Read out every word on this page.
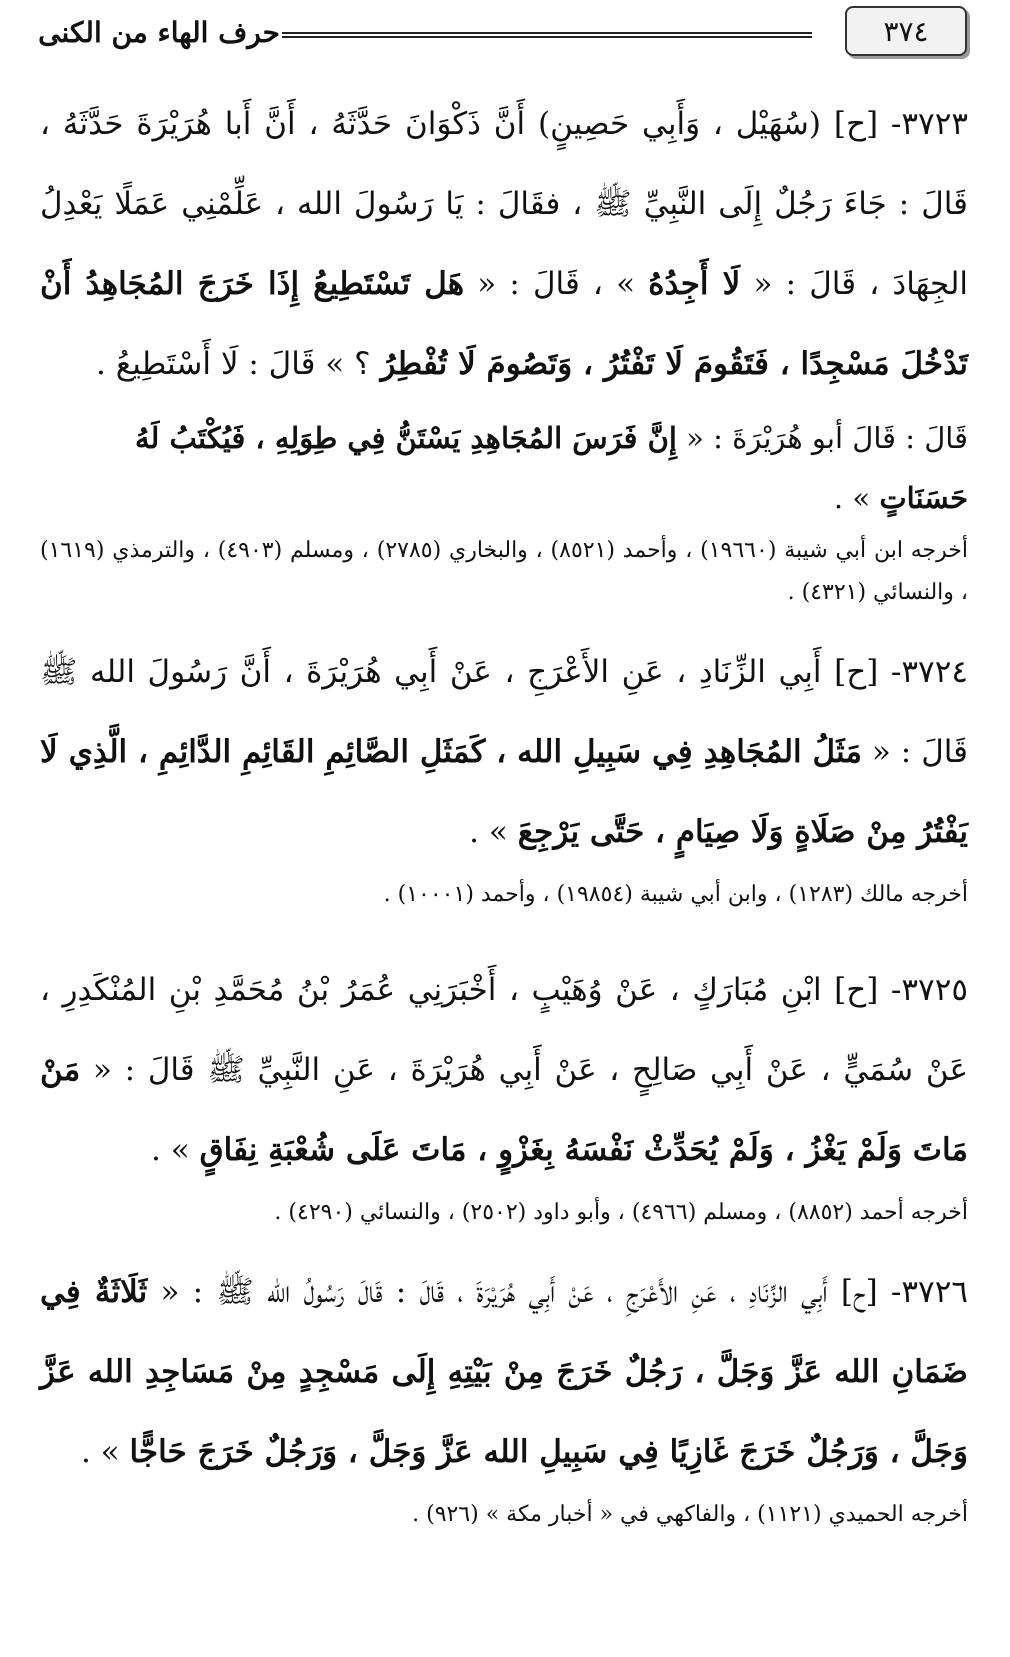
٣٧٤
حرف الهاء من الكنى

٣٧٢٣- [ح] (سُهَيْل ، وَأَبِي حَصِينٍ) أَنَّ ذَكْوَانَ حَدَّثَهُ ، أَنَّ أَبا هُرَيْرَةَ حَدَّثَهُ ، قَالَ : جَاءَ رَجُلٌ إِلَى النَّبِيِّ ﷺ ، فقَالَ : يَا رَسُولَ الله ، عَلِّمْنِي عَمَلًا يَعْدِلُ الجِهَادَ ، قَالَ : « لَا أَجِدُهُ » ، قَالَ : « هَل تَسْتَطِيعُ إِذَا خَرَجَ المُجَاهِدُ أَنْ تَدْخُلَ مَسْجِدًا ، فَتَقُومَ لَا تَفْتُرُ ، وَتَصُومَ لَا تُفْطِرُ ؟ » قَالَ : لَا أَسْتَطِيعُ .

قَالَ : قَالَ أبو هُرَيْرَةَ : « إِنَّ فَرَسَ المُجَاهِدِ يَسْتَنُّ فِي طِوَلِهِ ، فَيُكْتَبُ لَهُ حَسَنَاتٍ » .

أخرجه ابن أبي شيبة (١٩٦٦٠) ، وأحمد (٨٥٢١) ، والبخاري (٢٧٨٥) ، ومسلم (٤٩٠٣) ، والترمذي (١٦١٩) ، والنسائي (٤٣٢١) .

٣٧٢٤- [ح] أَبِي الزِّنَادِ ، عَنِ الأَعْرَجِ ، عَنْ أَبِي هُرَيْرَةَ ، أَنَّ رَسُولَ الله ﷺ قَالَ : « مَثَلُ المُجَاهِدِ فِي سَبِيلِ الله ، كَمَثَلِ الصَّائِمِ القَائِمِ الدَّائِمِ ، الَّذِي لَا يَفْتُرُ مِنْ صَلَاةٍ وَلَا صِيَامٍ ، حَتَّى يَرْجِعَ » .

أخرجه مالك (١٢٨٣) ، وابن أبي شيبة (١٩٨٥٤) ، وأحمد (١٠٠٠١) .

٣٧٢٥- [ح] ابْنِ مُبَارَكٍ ، عَنْ وُهَيْبٍ ، أَخْبَرَنِي عُمَرُ بْنُ مُحَمَّدِ بْنِ المُنْكَدِرِ ، عَنْ سُمَيٍّ ، عَنْ أَبِي صَالِحٍ ، عَنْ أَبِي هُرَيْرَةَ ، عَنِ النَّبِيِّ ﷺ قَالَ : « مَنْ مَاتَ وَلَمْ يَغْزُ ، وَلَمْ يُحَدِّثْ نَفْسَهُ بِغَزْوٍ ، مَاتَ عَلَى شُعْبَةِ نِفَاقٍ » .

أخرجه أحمد (٨٨٥٢) ، ومسلم (٤٩٦٦) ، وأبو داود (٢٥٠٢) ، والنسائي (٤٢٩٠) .

٣٧٢٦- [ح] أَبِي الزِّنَادِ ، عَنِ الأَعْرَجِ ، عَنْ أَبِي هُرَيْرَةَ ، قَالَ : قَالَ رَسُولُ الله ﷺ : « ثَلَاثَةٌ فِي ضَمَانِ الله عَزَّ وَجَلَّ ، رَجُلٌ خَرَجَ مِنْ بَيْتِهِ إِلَى مَسْجِدٍ مِنْ مَسَاجِدِ الله عَزَّ وَجَلَّ ، وَرَجُلٌ خَرَجَ غَازِيًا فِي سَبِيلِ الله عَزَّ وَجَلَّ ، وَرَجُلٌ خَرَجَ حَاجًّا » .

أخرجه الحميدي (١١٢١) ، والفاكهي في « أخبار مكة » (٩٢٦) .
